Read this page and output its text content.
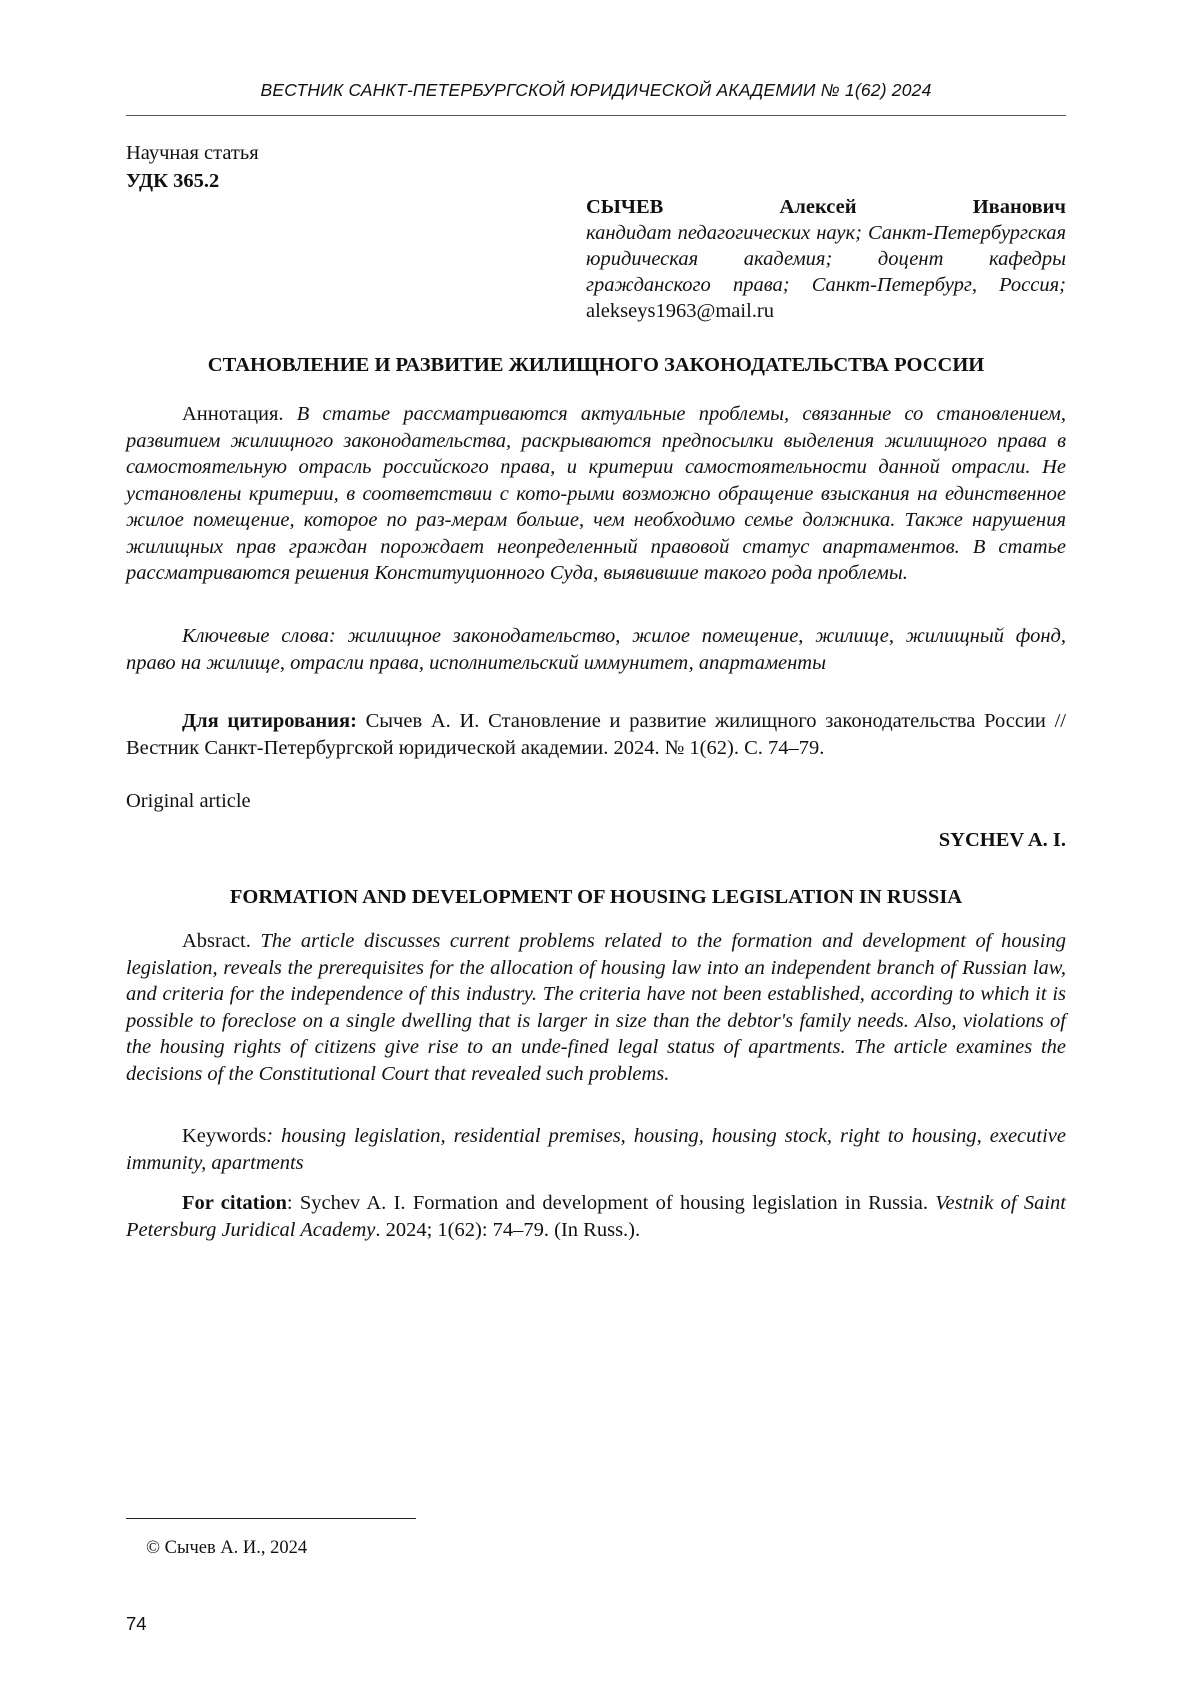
ВЕСТНИК САНКТ-ПЕТЕРБУРГСКОЙ ЮРИДИЧЕСКОЙ АКАДЕМИИ № 1(62) 2024
Научная статья
УДК 365.2
СЫЧЕВ	Алексей	Иванович
кандидат педагогических наук; Санкт-Петербургская юридическая академия; доцент кафедры гражданского права; Санкт-Петербург, Россия; alekseys1963@mail.ru
СТАНОВЛЕНИЕ И РАЗВИТИЕ ЖИЛИЩНОГО ЗАКОНОДАТЕЛЬСТВА РОССИИ
Аннотация. В статье рассматриваются актуальные проблемы, связанные со становлением, развитием жилищного законодательства, раскрываются предпосылки выделения жилищного права в самостоятельную отрасль российского права, и критерии самостоятельности данной отрасли. Не установлены критерии, в соответствии с кото-рыми возможно обращение взыскания на единственное жилое помещение, которое по раз-мерам больше, чем необходимо семье должника. Также нарушения жилищных прав граждан порождает неопределенный правовой статус апартаментов. В статье рассматриваются решения Конституционного Суда, выявившие такого рода проблемы.
Ключевые слова: жилищное законодательство, жилое помещение, жилище, жилищный фонд, право на жилище, отрасли права, исполнительский иммунитет, апартаменты
Для цитирования: Сычев А. И. Становление и развитие жилищного законодательства России // Вестник Санкт-Петербургской юридической академии. 2024. № 1(62). С. 74–79.
Original article
SYCHEV A. I.
FORMATION AND DEVELOPMENT OF HOUSING LEGISLATION IN RUSSIA
Absract. The article discusses current problems related to the formation and development of housing legislation, reveals the prerequisites for the allocation of housing law into an independent branch of Russian law, and criteria for the independence of this industry. The criteria have not been established, according to which it is possible to foreclose on a single dwelling that is larger in size than the debtor's family needs. Also, violations of the housing rights of citizens give rise to an unde-fined legal status of apartments. The article examines the decisions of the Constitutional Court that revealed such problems.
Keywords: housing legislation, residential premises, housing, housing stock, right to housing, executive immunity, apartments
For citation: Sychev A. I. Formation and development of housing legislation in Russia. Vestnik of Saint Petersburg Juridical Academy. 2024; 1(62): 74–79. (In Russ.).
© Сычев А. И., 2024
74
